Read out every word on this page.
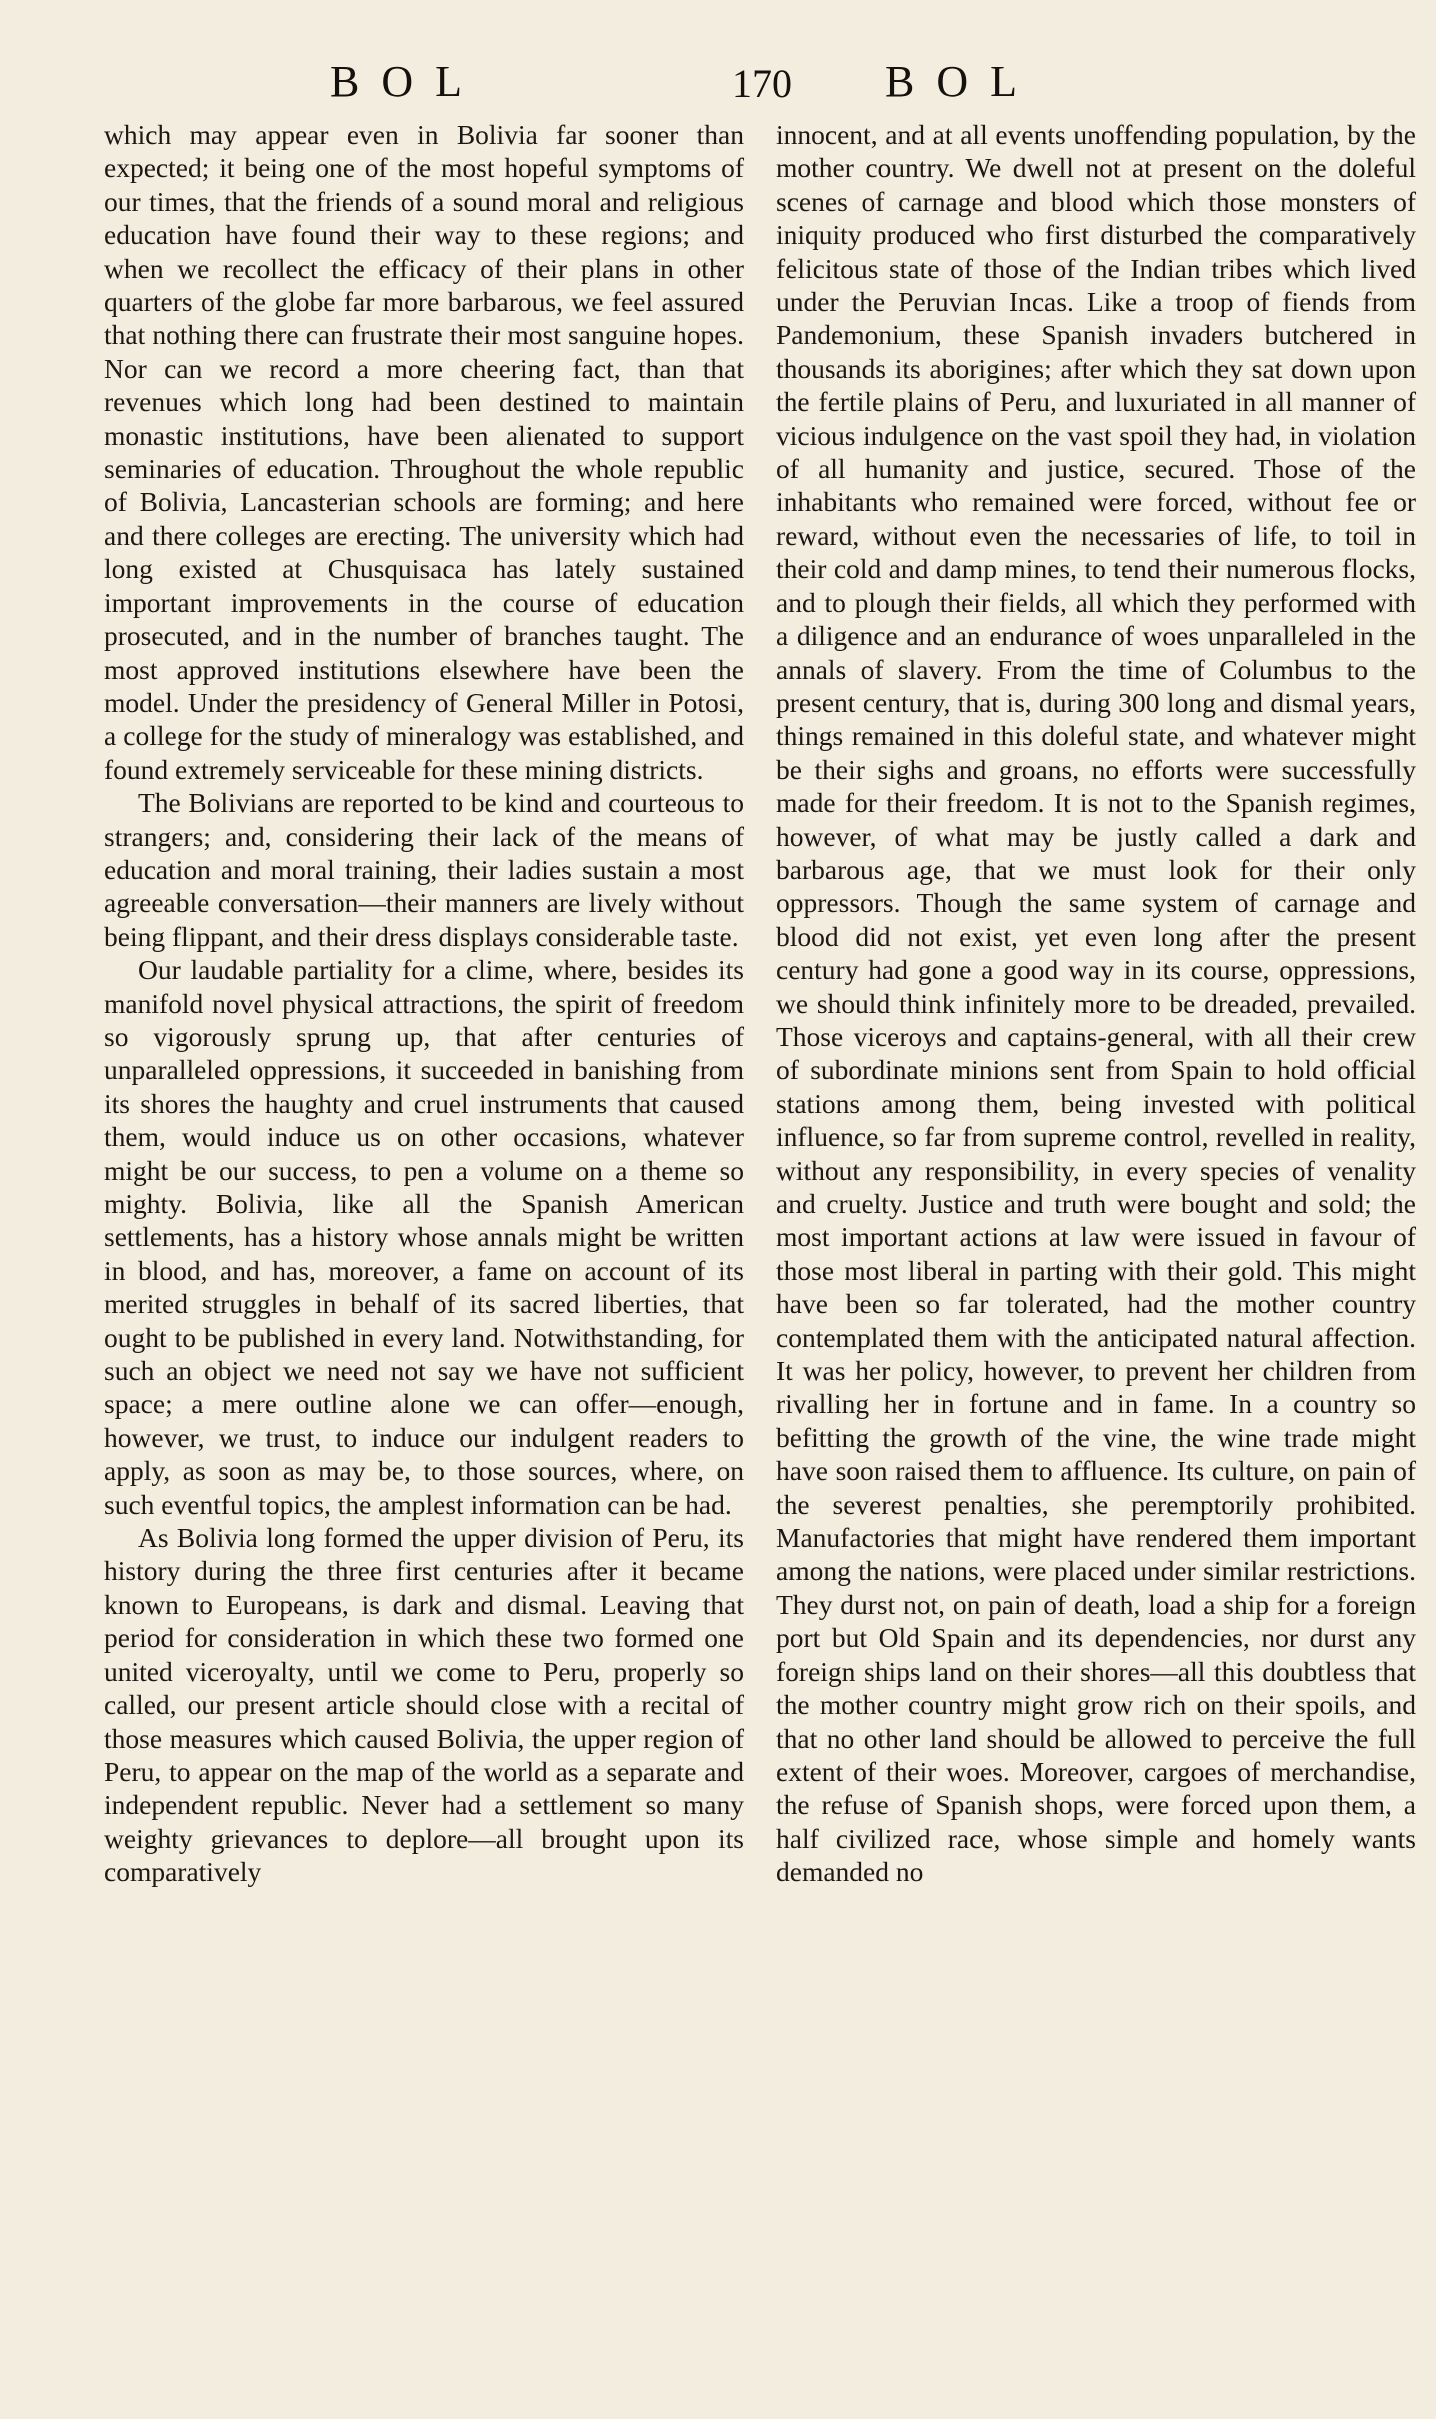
BOL	170 BOL

which may appear even in Bolivia far sooner than expected; it being one of the most hopeful symptoms of our times, that the friends of a sound moral and religious education have found their way to these regions; and when we recollect the efficacy of their plans in other quarters of the globe far more barbarous, we feel assured that nothing there can frustrate their most sanguine hopes. Nor can we record a more cheering fact, than that revenues which long had been destined to maintain monastic institutions, have been alienated to support seminaries of education. Throughout the whole republic of Bolivia, Lancasterian schools are forming; and here and there colleges are erecting. The university which had long existed at Chusquisaca has lately sustained important improvements in the course of education prosecuted, and in the number of branches taught. The most approved institutions elsewhere have been the model. Under the presidency of General Miller in Potosi, a college for the study of mineralogy was established, and found extremely serviceable for these mining districts.

The Bolivians are reported to be kind and courteous to strangers; and, considering their lack of the means of education and moral training, their ladies sustain a most agreeable conversation—their manners are lively without being flippant, and their dress displays considerable taste.

Our laudable partiality for a clime, where, besides its manifold novel physical attractions, the spirit of freedom so vigorously sprung up, that after centuries of unparalleled oppressions, it succeeded in banishing from its shores the haughty and cruel instruments that caused them, would induce us on other occasions, whatever might be our success, to pen a volume on a theme so mighty. Bolivia, like all the Spanish American settlements, has a history whose annals might be written in blood, and has, moreover, a fame on account of its merited struggles in behalf of its sacred liberties, that ought to be published in every land. Notwithstanding, for such an object we need not say we have not sufficient space; a mere outline alone we can offer—enough, however, we trust, to induce our indulgent readers to apply, as soon as may be, to those sources, where, on such eventful topics, the amplest information can be had.

As Bolivia long formed the upper division of Peru, its history during the three first centuries after it became known to Europeans, is dark and dismal. Leaving that period for consideration in which these two formed one united viceroyalty, until we come to Peru, properly so called, our present article should close with a recital of those measures which caused Bolivia, the upper region of Peru, to appear on the map of the world as a separate and independent republic. Never had a settlement so many weighty grievances to deplore—all brought upon its comparatively

innocent, and at all events unoffending population, by the mother country. We dwell not at present on the doleful scenes of carnage and blood which those monsters of iniquity produced who first disturbed the comparatively felicitous state of those of the Indian tribes which lived under the Peruvian Incas. Like a troop of fiends from Pandemonium, these Spanish invaders butchered in thousands its aborigines; after which they sat down upon the fertile plains of Peru, and luxuriated in all manner of vicious indulgence on the vast spoil they had, in violation of all humanity and justice, secured. Those of the inhabitants who remained were forced, without fee or reward, without even the necessaries of life, to toil in their cold and damp mines, to tend their numerous flocks, and to plough their fields, all which they performed with a diligence and an endurance of woes unparalleled in the annals of slavery. From the time of Columbus to the present century, that is, during 300 long and dismal years, things remained in this doleful state, and whatever might be their sighs and groans, no efforts were successfully made for their freedom. It is not to the Spanish regimes, however, of what may be justly called a dark and barbarous age, that we must look for their only oppressors. Though the same system of carnage and blood did not exist, yet even long after the present century had gone a good way in its course, oppressions, we should think infinitely more to be dreaded, prevailed. Those viceroys and captains-general, with all their crew of subordinate minions sent from Spain to hold official stations among them, being invested with political influence, so far from supreme control, revelled in reality, without any responsibility, in every species of venality and cruelty. Justice and truth were bought and sold; the most important actions at law were issued in favour of those most liberal in parting with their gold. This might have been so far tolerated, had the mother country contemplated them with the anticipated natural affection. It was her policy, however, to prevent her children from rivalling her in fortune and in fame. In a country so befitting the growth of the vine, the wine trade might have soon raised them to affluence. Its culture, on pain of the severest penalties, she peremptorily prohibited. Manufactories that might have rendered them important among the nations, were placed under similar restrictions. They durst not, on pain of death, load a ship for a foreign port but Old Spain and its dependencies, nor durst any foreign ships land on their shores—all this doubtless that the mother country might grow rich on their spoils, and that no other land should be allowed to perceive the full extent of their woes. Moreover, cargoes of merchandise, the refuse of Spanish shops, were forced upon them, a half civilized race, whose simple and homely wants demanded no
